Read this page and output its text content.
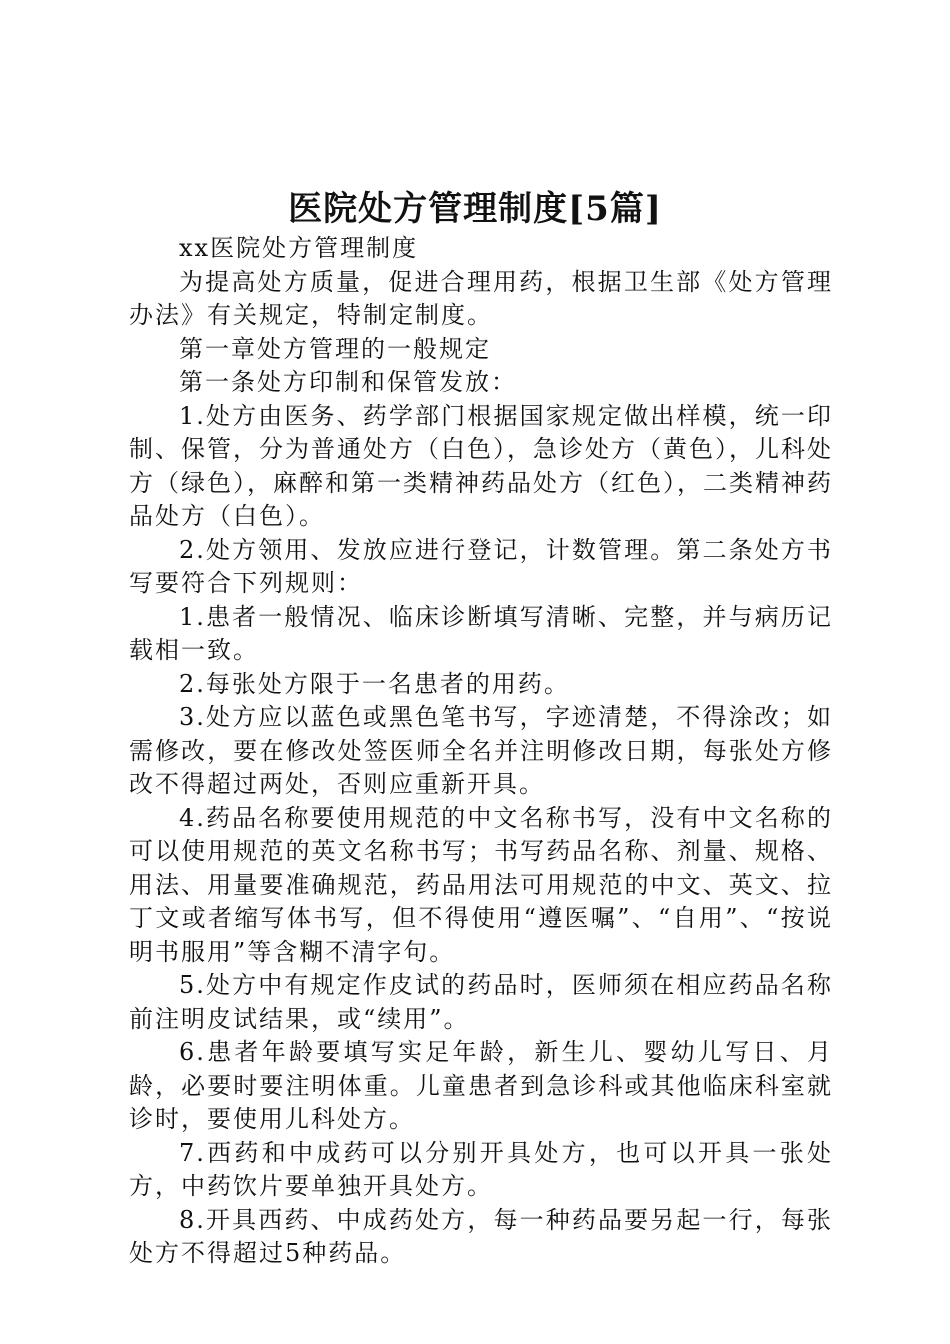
医院处方管理制度[5篇]

xx医院处方管理制度

为提高处方质量，促进合理用药，根据卫生部《处方管理办法》有关规定，特制定制度。

第一章处方管理的一般规定

第一条处方印制和保管发放：

1.处方由医务、药学部门根据国家规定做出样模，统一印制、保管，分为普通处方（白色），急诊处方（黄色），儿科处方（绿色），麻醉和第一类精神药品处方（红色），二类精神药品处方（白色）。

2.处方领用、发放应进行登记，计数管理。第二条处方书写要符合下列规则：

1.患者一般情况、临床诊断填写清晰、完整，并与病历记载相一致。

2.每张处方限于一名患者的用药。

3.处方应以蓝色或黑色笔书写，字迹清楚，不得涂改；如需修改，要在修改处签医师全名并注明修改日期，每张处方修改不得超过两处，否则应重新开具。

4.药品名称要使用规范的中文名称书写，没有中文名称的可以使用规范的英文名称书写；书写药品名称、剂量、规格、用法、用量要准确规范，药品用法可用规范的中文、英文、拉丁文或者缩写体书写，但不得使用“遵医嘱”、“自用”、“按说明书服用”等含糊不清字句。

5.处方中有规定作皮试的药品时，医师须在相应药品名称前注明皮试结果，或“续用”。

6.患者年龄要填写实足年龄，新生儿、婴幼儿写日、月龄，必要时要注明体重。儿童患者到急诊科或其他临床科室就诊时，要使用儿科处方。

7.西药和中成药可以分别开具处方，也可以开具一张处方，中药饮片要单独开具处方。

8.开具西药、中成药处方，每一种药品要另起一行，每张处方不得超过5种药品。
